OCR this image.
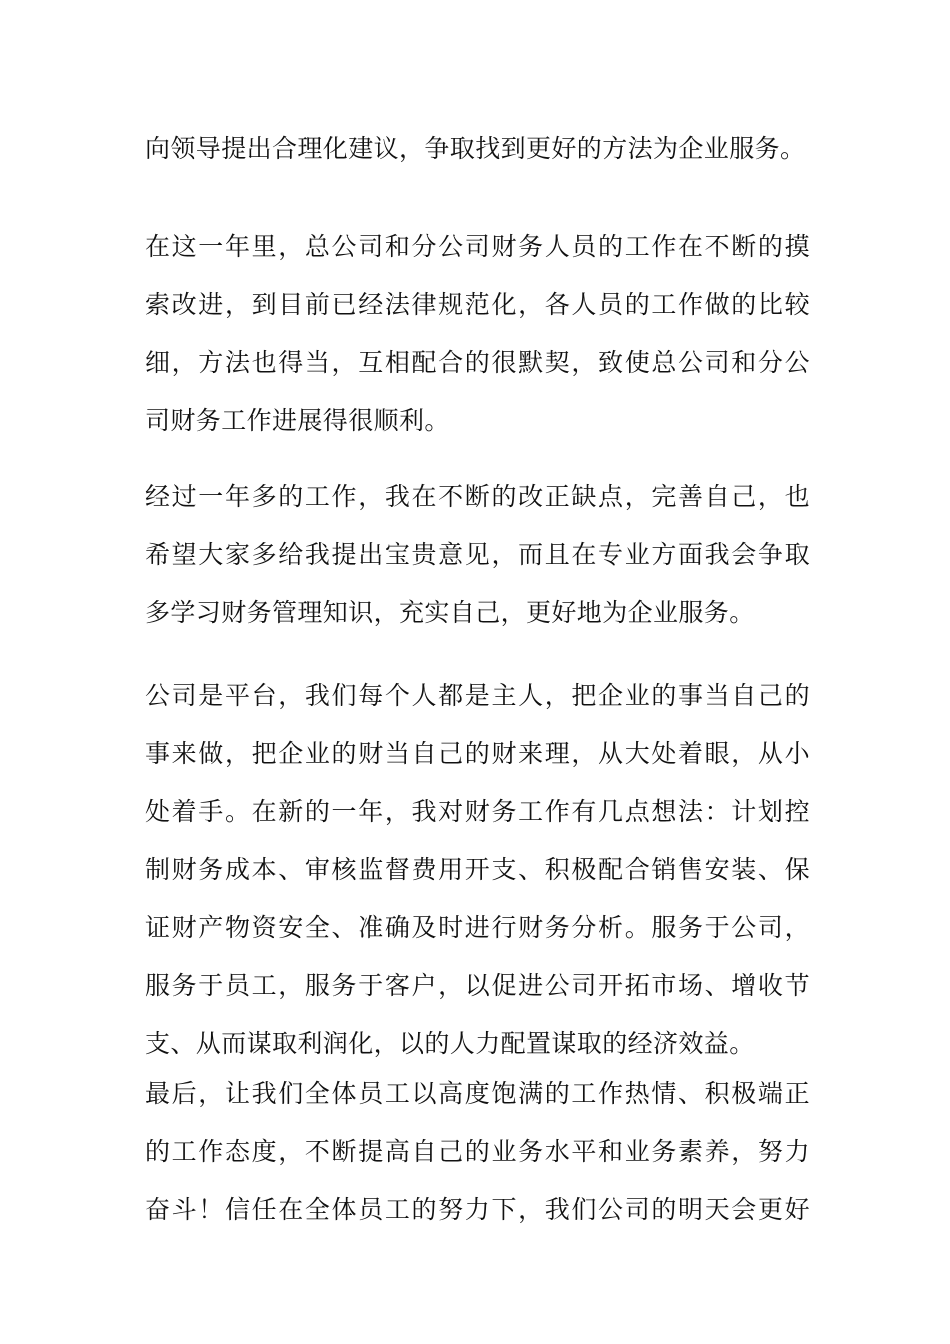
向领导提出合理化建议，争取找到更好的方法为企业服务。
在这一年里，总公司和分公司财务人员的工作在不断的摸
索改进，到目前已经法律规范化，各人员的工作做的比较
细，方法也得当，互相配合的很默契，致使总公司和分公
司财务工作进展得很顺利。
经过一年多的工作，我在不断的改正缺点，完善自己，也
希望大家多给我提出宝贵意见，而且在专业方面我会争取
多学习财务管理知识，充实自己，更好地为企业服务。
公司是平台，我们每个人都是主人，把企业的事当自己的
事来做，把企业的财当自己的财来理，从大处着眼，从小
处着手。在新的一年，我对财务工作有几点想法：计划控
制财务成本、审核监督费用开支、积极配合销售安装、保
证财产物资安全、准确及时进行财务分析。服务于公司，
服务于员工，服务于客户，以促进公司开拓市场、增收节
支、从而谋取利润化，以的人力配置谋取的经济效益。
最后，让我们全体员工以高度饱满的工作热情、积极端正
的工作态度，不断提高自己的业务水平和业务素养，努力
奋斗！信任在全体员工的努力下，我们公司的明天会更好
